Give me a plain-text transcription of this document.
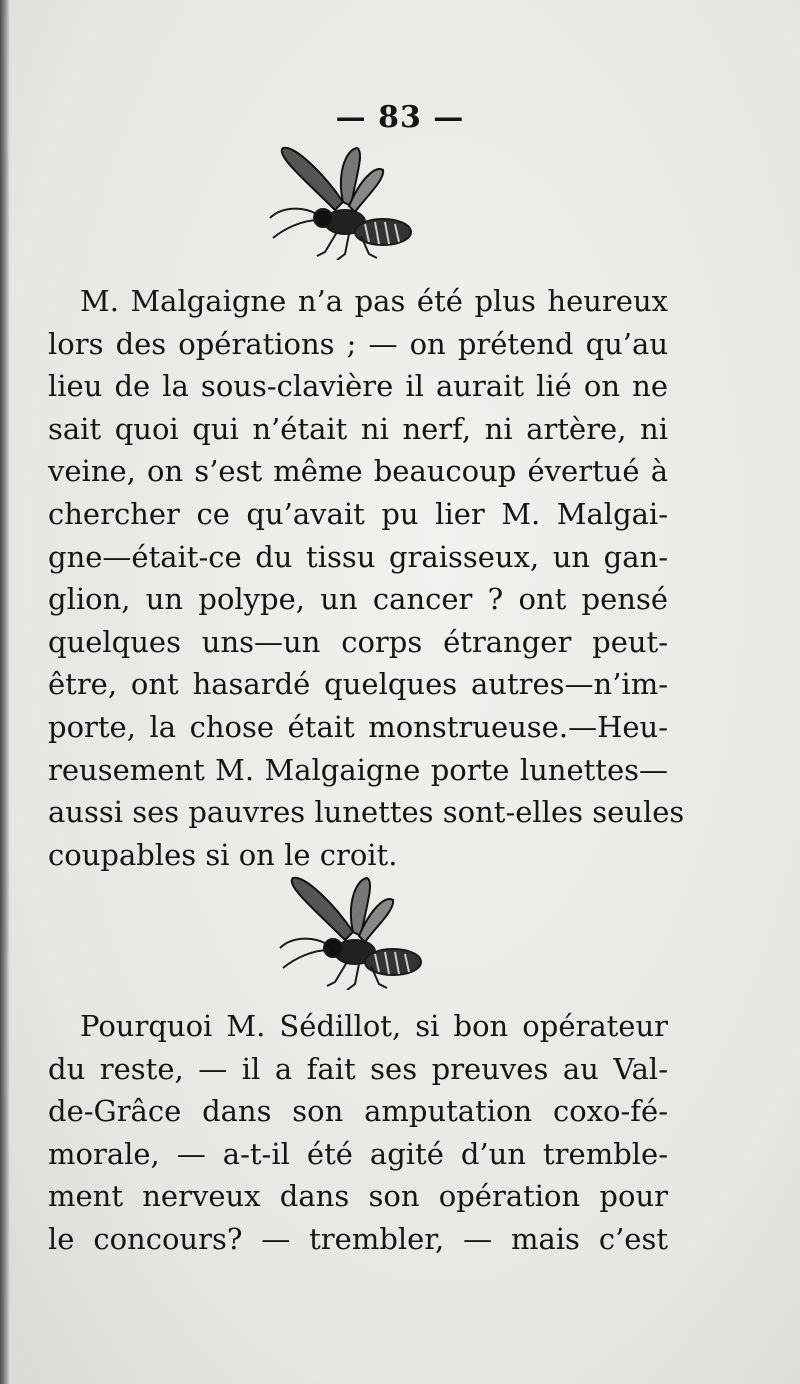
— 83 —
M. Malgaigne n’a pas été plus heureux
lors des opérations ; — on prétend qu’au
lieu de la sous-clavière il aurait lié on ne
sait quoi qui n’était ni nerf, ni artère, ni
veine, on s’est même beaucoup évertué à
chercher ce qu’avait pu lier M. Malgai-
gne—était-ce du tissu graisseux, un gan-
glion, un polype, un cancer ? ont pensé
quelques uns—un corps étranger peut-
être, ont hasardé quelques autres—n’im-
porte, la chose était monstrueuse.—Heu-
reusement M. Malgaigne porte lunettes—
aussi ses pauvres lunettes sont-elles seules
coupables si on le croit.
Pourquoi M. Sédillot, si bon opérateur
du reste, — il a fait ses preuves au Val-
de-Grâce dans son amputation coxo-fé-
morale, — a-t-il été agité d’un tremble-
ment nerveux dans son opération pour
le concours? — trembler, — mais c’est
